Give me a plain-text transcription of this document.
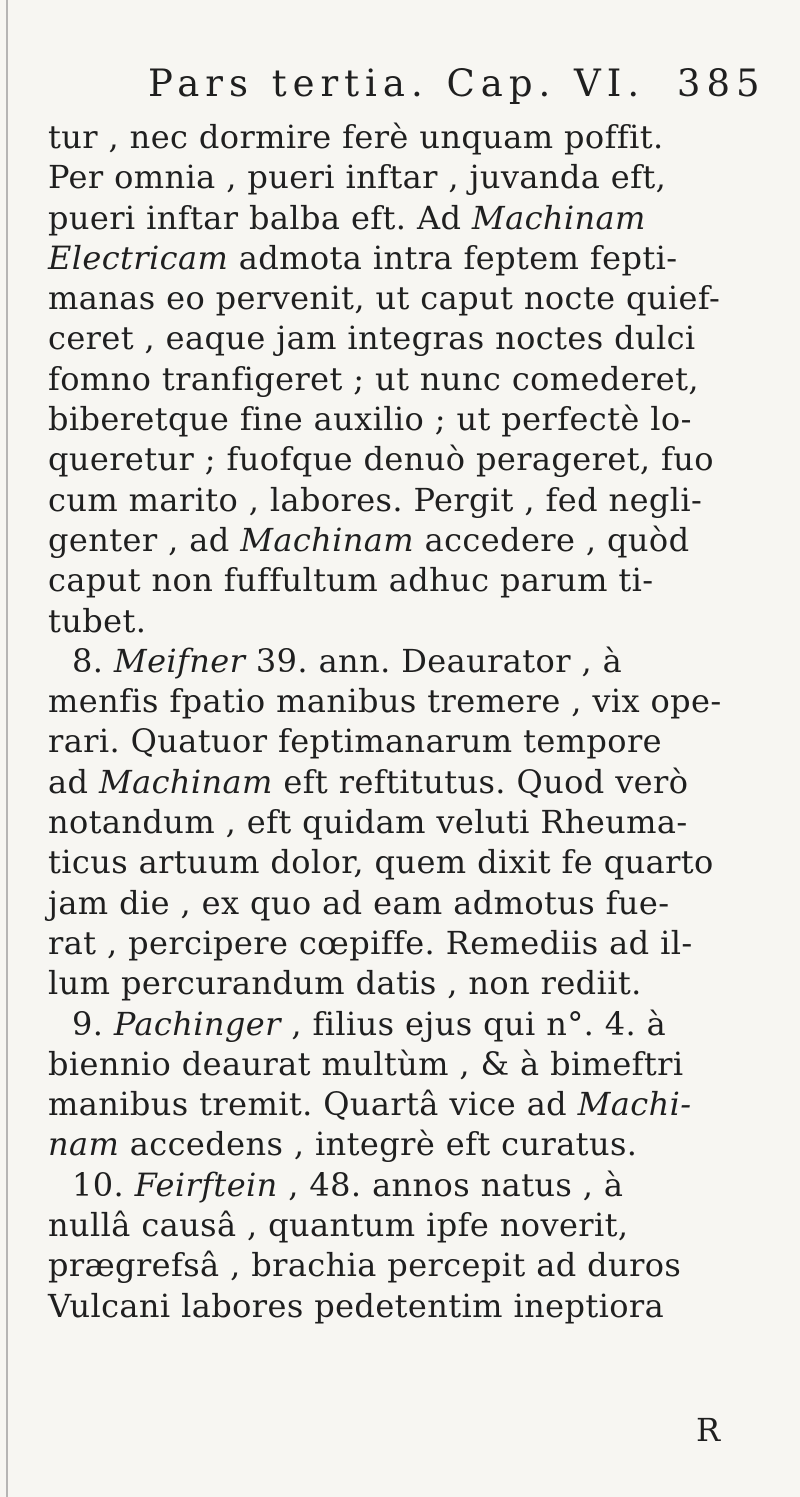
Pars tertia. Cap. VI. 385
tur , nec dormire ferè unquam poffit.
Per omnia , pueri inftar , juvanda eft,
pueri inftar balba eft. Ad Machinam
Electricam admota intra feptem fepti-
manas eo pervenit, ut caput nocte quief-
ceret , eaque jam integras noctes dulci
fomno tranfigeret ; ut nunc comederet,
biberetque fine auxilio ; ut perfectè lo-
queretur ; fuofque denuò perageret, fuo
cum marito , labores. Pergit , fed negli-
genter , ad Machinam accedere , quòd
caput non fuffultum adhuc parum ti-
tubet.
8. Meifner 39. ann. Deaurator , à
menfis fpatio manibus tremere , vix ope-
rari. Quatuor feptimanarum tempore
ad Machinam eft reftitutus. Quod verò
notandum , eft quidam veluti Rheuma-
ticus artuum dolor, quem dixit fe quarto
jam die , ex quo ad eam admotus fue-
rat , percipere cœpiffe. Remediis ad il-
lum percurandum datis , non rediit.
9. Pachinger , filius ejus qui n°. 4. à
biennio deaurat multùm , & à bimeftri
manibus tremit. Quartâ vice ad Machi-
nam accedens , integrè eft curatus.
10. Feirftein , 48. annos natus , à
nullâ causâ , quantum ipfe noverit,
prægrefsâ , brachia percepit ad duros
Vulcani labores pedetentim ineptiora
R
